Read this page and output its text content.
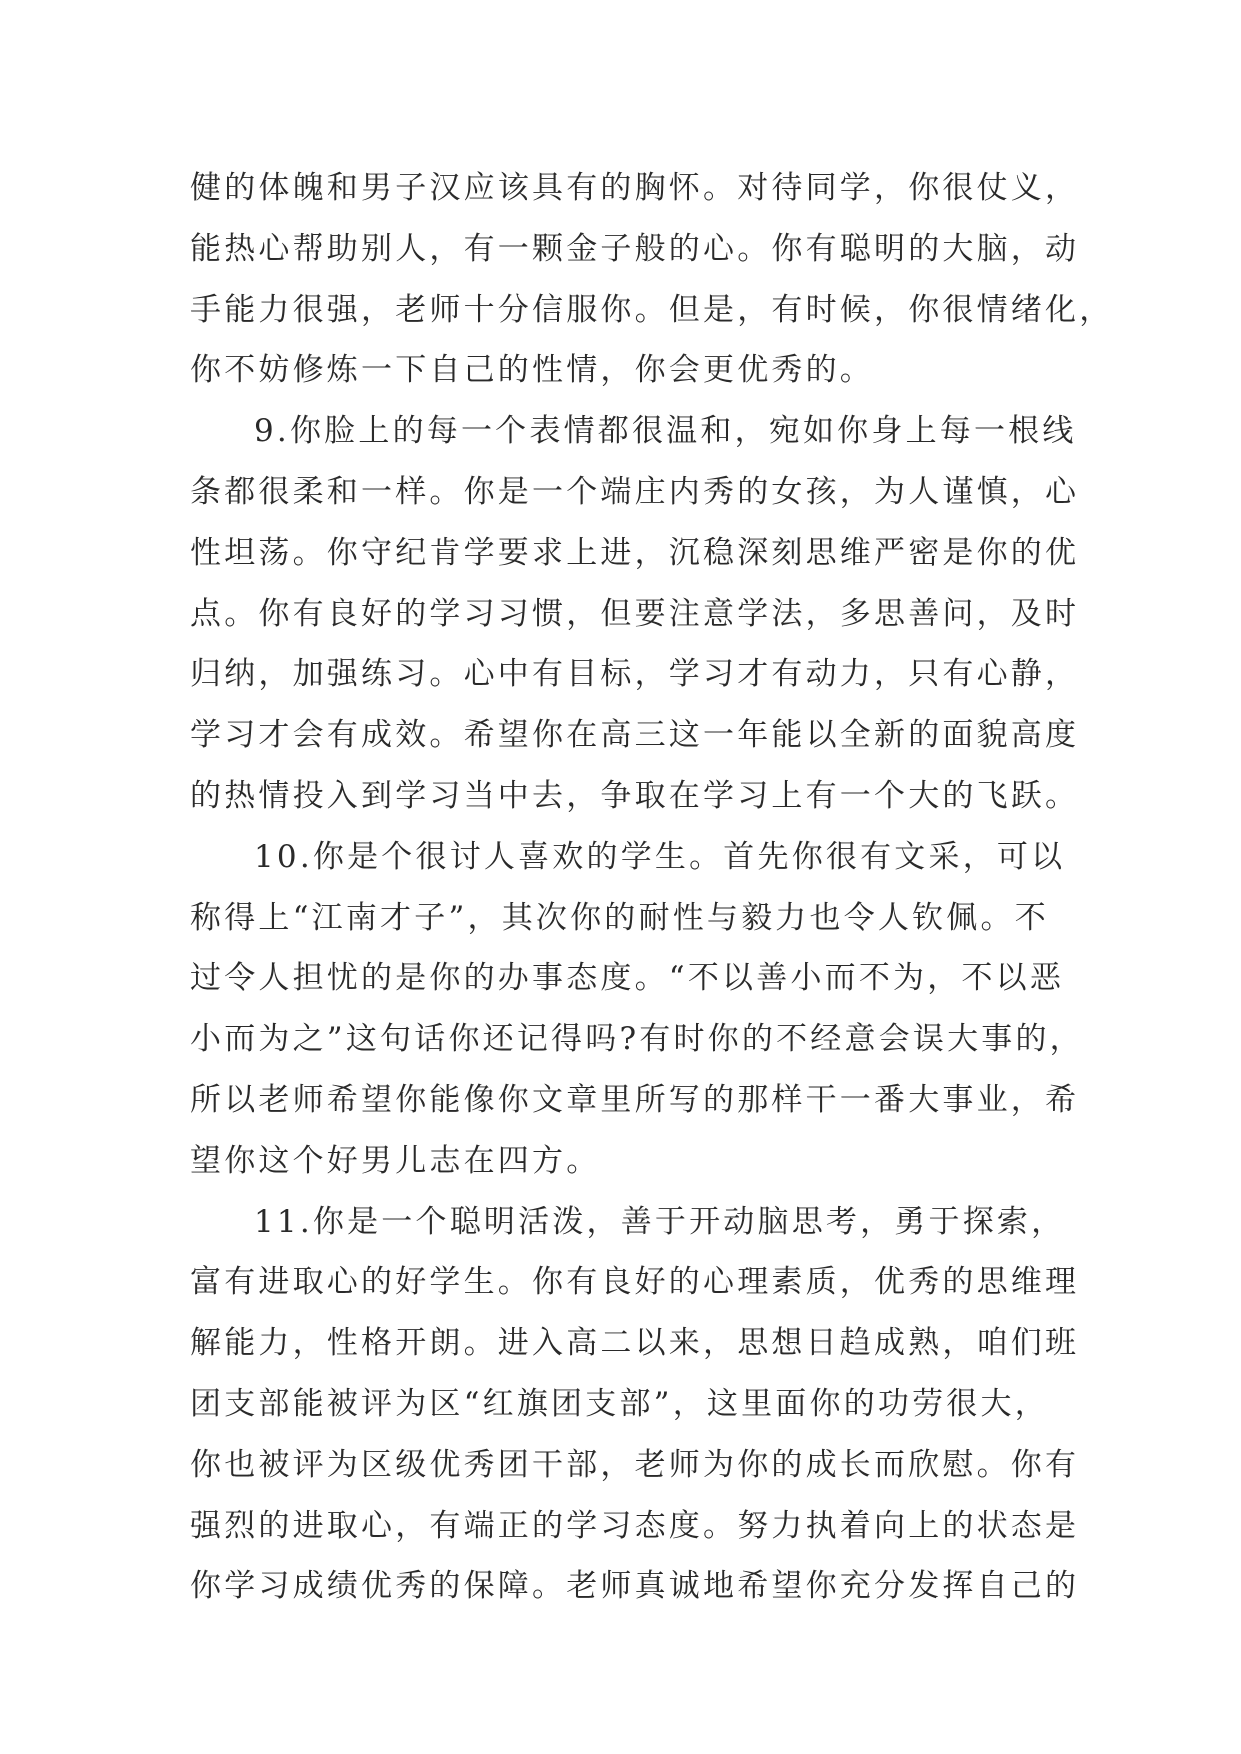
健的体魄和男子汉应该具有的胸怀。对待同学，你很仗义，
能热心帮助别人，有一颗金子般的心。你有聪明的大脑，动
手能力很强，老师十分信服你。但是，有时候，你很情绪化，
你不妨修炼一下自己的性情，你会更优秀的。
9.你脸上的每一个表情都很温和，宛如你身上每一根线
条都很柔和一样。你是一个端庄内秀的女孩，为人谨慎，心
性坦荡。你守纪肯学要求上进，沉稳深刻思维严密是你的优
点。你有良好的学习习惯，但要注意学法，多思善问，及时
归纳，加强练习。心中有目标，学习才有动力，只有心静，
学习才会有成效。希望你在高三这一年能以全新的面貌高度
的热情投入到学习当中去，争取在学习上有一个大的飞跃。
10.你是个很讨人喜欢的学生。首先你很有文采，可以
称得上“江南才子”，其次你的耐性与毅力也令人钦佩。不
过令人担忧的是你的办事态度。“不以善小而不为，不以恶
小而为之”这句话你还记得吗?有时你的不经意会误大事的，
所以老师希望你能像你文章里所写的那样干一番大事业，希
望你这个好男儿志在四方。
11.你是一个聪明活泼，善于开动脑思考，勇于探索，
富有进取心的好学生。你有良好的心理素质，优秀的思维理
解能力，性格开朗。进入高二以来，思想日趋成熟，咱们班
团支部能被评为区“红旗团支部”，这里面你的功劳很大，
你也被评为区级优秀团干部，老师为你的成长而欣慰。你有
强烈的进取心，有端正的学习态度。努力执着向上的状态是
你学习成绩优秀的保障。老师真诚地希望你充分发挥自己的
